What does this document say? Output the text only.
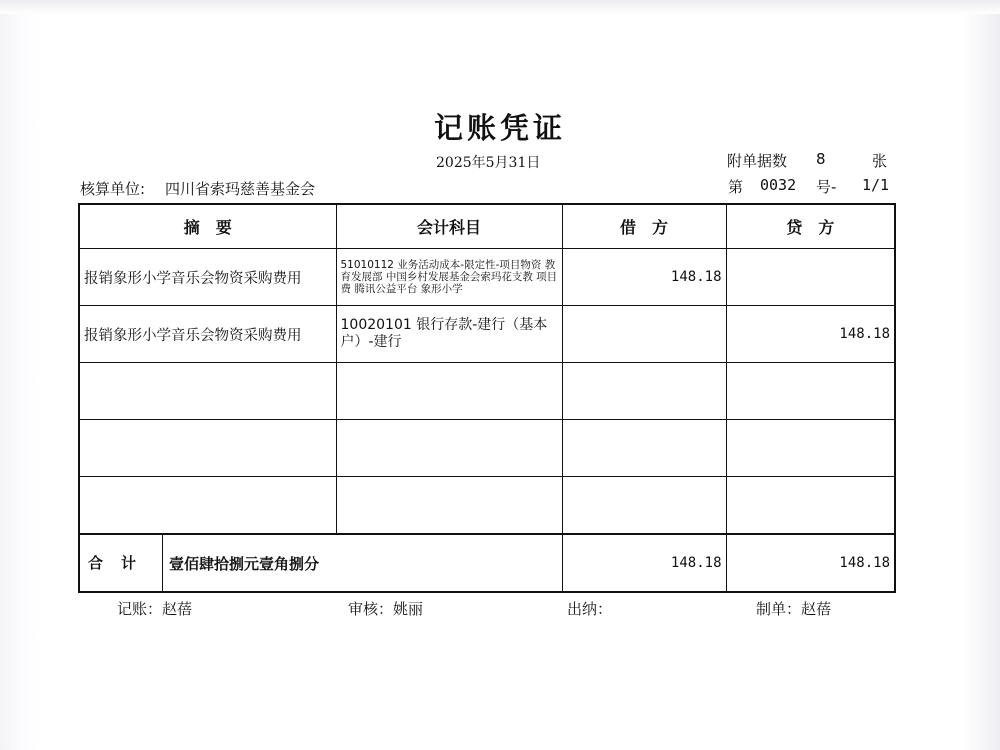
记账凭证
2025年5月31日	附单据数 8	张
核算单位: 四川省索玛慈善基金会	第 0032 号- 1/1
摘　要	会计科目	借　方	贷　方
报销象形小学音乐会物资采购费用	51010112 业务活动成本-限定性-项目物资 教育发展部 中国乡村发展基金会索玛花支教 项目费 腾讯公益平台 象形小学	148.18	
报销象形小学音乐会物资采购费用	10020101 银行存款-建行（基本户）-建行		148.18

合计 壹佰肆拾捌元壹角捌分		148.18	148.18
记账：赵蓓	审核：姚丽	出纳：	制单：赵蓓
